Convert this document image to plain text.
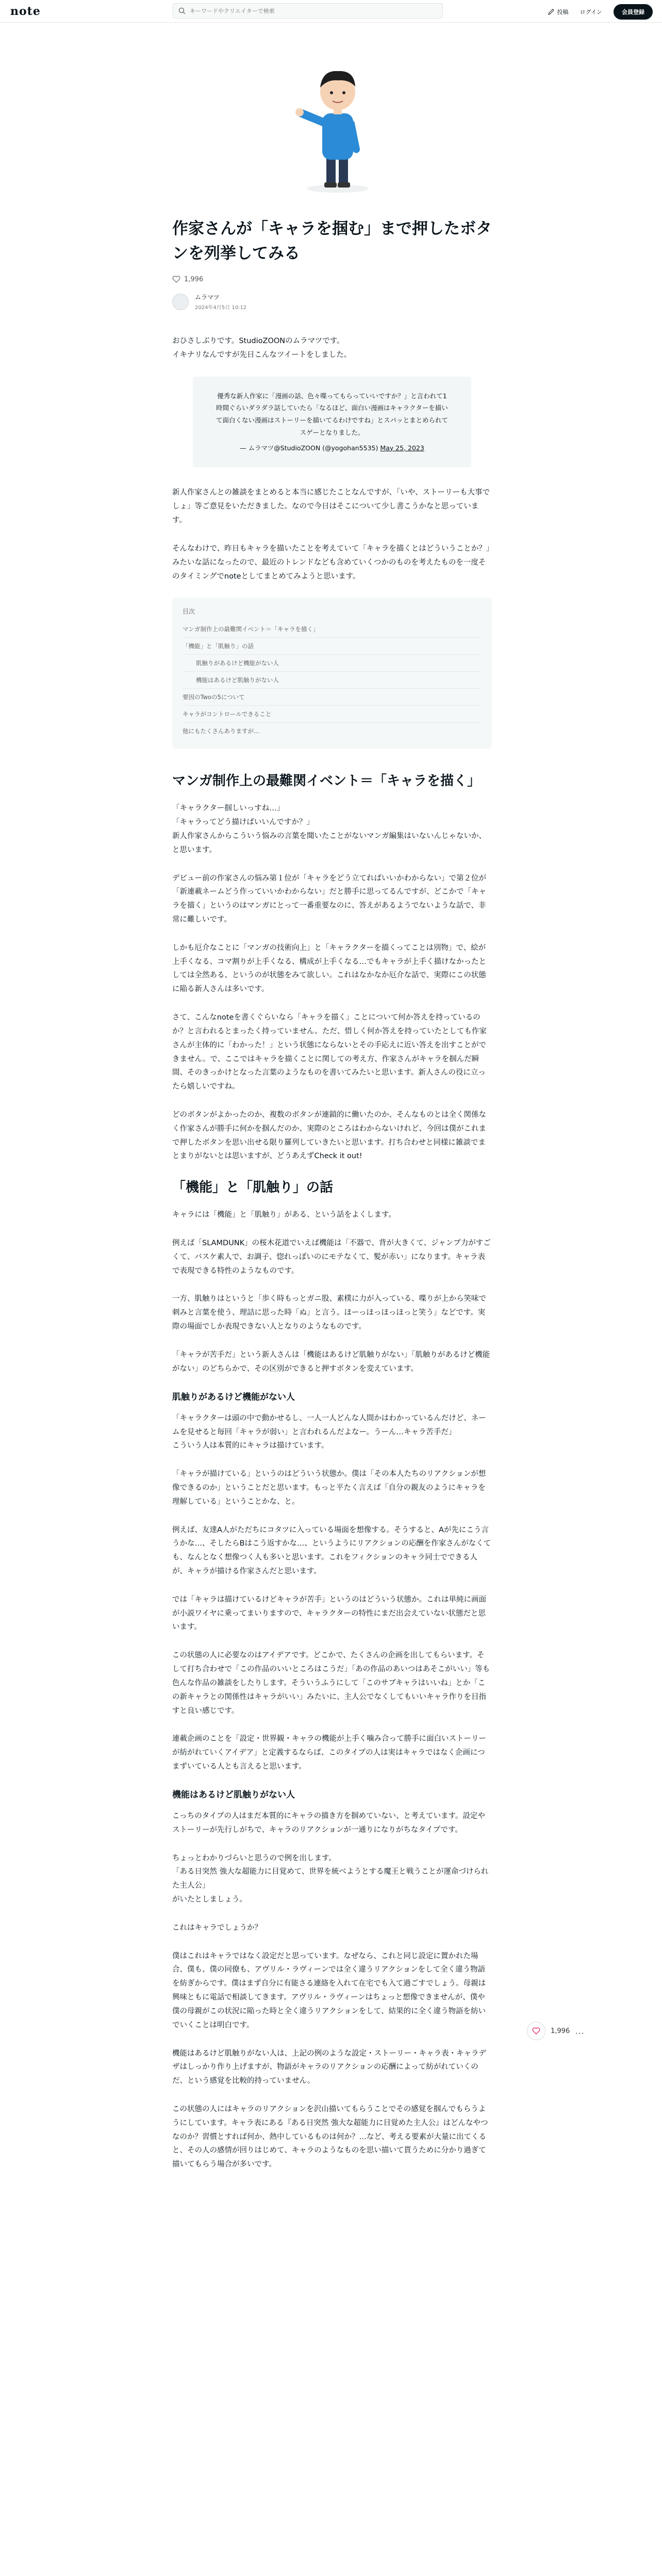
note
キーワードやクリエイターで検索	投稿 ログイン	会員登録
作家さんが「キャラを掴む」まで押したボタンを列挙してみる
1,996
ムラマツ
2024年4月5日 10:12

おひさしぶりです。StudioZOONのムラマツです。
イキナリなんですが先日こんなツイートをしました。

優秀な新人作家に「漫画の話、色々喋ってもらっていいですか？」と言われて1時間ぐらいダラダラ話していたら「なるほど、面白い漫画はキャラクターを描いて面白くない漫画はストーリーを描いてるわけですね」とスパッとまとめられてスゲーとなりました。
— ムラマツ@StudioZOON (@yogohan5535) May 25, 2023

新人作家さんとの雑談をまとめると本当に感じたことなんですが、「いや、ストーリーも大事でしょ」等ご意見をいただきました。なので今日はそこについて少し書こうかなと思っています。

そんなわけで、昨日もキャラを描いたことを考えていて「キャラを描くとはどういうことか？」みたいな話になったので、最近のトレンドなども含めていくつかのものを考えたものを一度そのタイミングでnoteとしてまとめてみようと思います。

目次
マンガ制作上の最難関イベント＝「キャラを描く」
「機能」と「肌触り」の話
肌触りがあるけど機能がない人
機能はあるけど肌触りがない人
要因のTwoの5について
キャラがコントロールできること
他にもたくさんありますが…
マンガ制作上の最難関イベント＝「キャラを描く」

「キャラクター掴しいっすね…」
「キャラってどう描けばいいんですか？」
新人作家さんからこういう悩みの言葉を聞いたことがないマンガ編集はいないんじゃないか、と思います。

デビュー前の作家さんの悩み第１位が「キャラをどう立てればいいかわからない」で第２位が「新連載ネームどう作っていいかわからない」だと勝手に思ってるんですが、どこかで「キャラを描く」というのはマンガにとって一番重要なのに、答えがあるようでないような話で、非常に難しいです。

しかも厄介なことに「マンガの技術向上」と「キャラクターを描くってことは別物」で、絵が上手くなる、コマ割りが上手くなる、構成が上手くなる…でもキャラが上手く描けなかったとしては全然ある、というのが状態をみて欲しい。これはなかなか厄介な話で、実際にこの状態に陥る新人さんは多いです。

さて、こんなnoteを書くぐらいなら「キャラを描く」ことについて何か答えを持っているのか？と言われるとまったく持っていません。ただ、惜しく何か答えを持っていたとしても作家さんが主体的に「わかった！」という状態にならないとその手応えに近い答えを出すことができません。で、ここではキャラを描くことに関しての考え方、作家さんがキャラを掴んだ瞬間、そのきっかけとなった言葉のようなものを書いてみたいと思います。新人さんの役に立ったら嬉しいですね。

どのボタンがよかったのか、複数のボタンが連鎖的に働いたのか、そんなものとは全く関係なく作家さんが勝手に何かを掴んだのか、実際のところはわからないけれど、今回は僕がこれまで押したボタンを思い出せる限り羅列していきたいと思います。打ち合わせと同様に雑談でまとまりがないとは思いますが、どうあえずCheck it out!

「機能」と「肌触り」の話

キャラには「機能」と「肌触り」がある、という話をよくします。

例えば「SLAMDUNK」の桜木花道でいえば機能は「不器で、背が大きくて、ジャンプ力がすごくて、バスケ素人で、お調子、惚れっぽいのにモテなくて、髪が赤い」になります。キャラ表で表現できる特性のようなものです。

一方、肌触りはというと「歩く時もっとガニ股、素樸に力が入っている、喋りが上から笑味で刺みと言葉を使う、理詰に思った時「ぬ」と言う。ほーっほっほっほっと笑う」などです。実際の場面でしか表現できない人となりのようなものです。

「キャラが苦手だ」という新人さんは「機能はあるけど肌触りがない」「肌触りがあるけど機能がない」のどちらかで、その区別ができると押すボタンを変えています。

肌触りがあるけど機能がない人

「キャラクターは頭の中で動かせるし、一人一人どんな人間かはわかっているんだけど、ネームを見せると毎回「キャラが弱い」と言われるんだよなー。うーん…キャラ苦手だ」
こういう人は本質的にキャラは描けています。

「キャラが描けている」というのはどういう状態か。僕は「その本人たちのリアクションが想像できるのか」ということだと思います。もっと平たく言えば「自分の親友のようにキャラを理解している」ということかな、と。

例えば、友達A人がただちにコタツに入っている場面を想像する。そうすると、Aが先にこう言うかな…、そしたらBはこう返すかな…、というようにリアクションの応酬を作家さんがなくても、なんとなく想像つく人も多いと思います。これをフィクションのキャラ同士でできる人が、キャラが描ける作家さんだと思います。

では「キャラは描けているけどキャラが苦手」というのはどういう状態か。これは単純に画面が小説ワイヤに乗ってまいりますので、キャラクターの特性にまだ出会えていない状態だと思います。

この状態の人に必要なのはアイデアです。どこかで、たくさんの企画を出してもらいます。そして打ち合わせで「この作品のいいところはこうだ」「あの作品のあいつはあそこがいい」等も色んな作品の雑談をしたりします。そういうふうにして「このサブキャラはいいね」とか「この新キャラとの関係性はキャラがいい」みたいに、主人公でなくしてもいいキャラ作りを目指すと良い感じです。

連載企画のことを「設定・世界観・キャラの機能が上手く噛み合って勝手に面白いストーリーが紡がれていくアイデア」と定義するならば、このタイプの人は実はキャラではなく企画につまずいている人とも言えると思います。

機能はあるけど肌触りがない人

こっちのタイプの人はまだ本質的にキャラの描き方を掴めていない、と考えています。設定やストーリーが先行しがちで、キャラのリアクションが一通りになりがちなタイプです。

ちょっとわかりづらいと思うので例を出します。
「ある日突然 強大な超能力に目覚めて、世界を統べようとする魔王と戦うことが運命づけられた主人公」
がいたとしましょう。

これはキャラでしょうか？

僕はこれはキャラではなく設定だと思っています。なぜなら、これと同じ設定に置かれた場合、僕も、僕の同僚も、アヴリル・ラヴィーンでは全く違うリアクションをして全く違う物語を紡ぎからです。僕はまず自分に有能さる連絡を入れて在宅でも入て過ごすでしょう。母親は興味ともに電話で相談してきます。アヴリル・ラヴィーンはちょっと想像できませんが、僕や僕の母親がこの状況に陥った時と全く違うリアクションをして、結果的に全く違う物語を紡いでいくことは明白です。

機能はあるけど肌触りがない人は、上記の例のような設定・ストーリー・キャラ表・キャラデザはしっかり作り上げますが、物語がキャラのリアクションの応酬によって紡がれていくのだ、という感覚を比較的持っていません。

この状態の人にはキャラのリアクションを沢山描いてもらうことでその感覚を掴んでもらうようにしています。キャラ表にある『ある日突然 強大な超能力に目覚めた主人公』はどんなやつなのか？習慣とすれば何か、熱中しているものは何か？…など、考える要素が大量に出てくると、その人の感情が回りはじめて、キャラのようなものを思い描いて貰うために分かり過ぎて描いてもらう場合が多いです。

1,996 …
